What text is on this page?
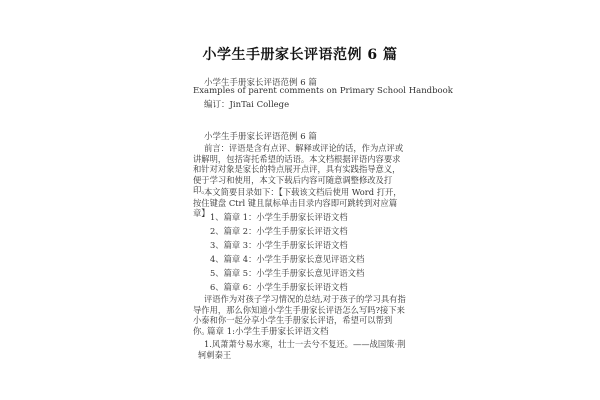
小学生手册家长评语范例 6 篇
小学生手册家长评语范例 6 篇
Examples of parent comments on Primary School Handbook
编订：JinTai College
小学生手册家长评语范例 6 篇
前言：评语是含有点评、解释或评论的话，作为点评或讲解明，包括寄托希望的话语。本文档根据评语内容要求和针对对象是家长的特点展开点评，具有实践指导意义，便于学习和使用，本文下载后内容可随意调整修改及打印。
本文简要目录如下：【下载该文档后使用 Word 打开，按住键盘 Ctrl 键且鼠标单击目录内容即可跳转到对应篇章】 1、篇章 1：小学生手册家长评语文档
2、篇章 2：小学生手册家长评语文档
3、篇章 3：小学生手册家长评语文档
4、篇章 4：小学生手册家长意见评语文档
5、篇章 5：小学生手册家长意见评语文档
6、篇章 6：小学生手册家长评语文档
评语作为对孩子学习情况的总结,对于孩子的学习具有指导作用，那么你知道小学生手册家长评语怎么写吗?接下来小泰和你一起分享小学生手册家长评语，希望可以帮到你。
篇章 1:小学生手册家长评语文档
1.风萧萧兮易水寒，壮士一去兮不复还。——战国策·荆轲刺秦王
